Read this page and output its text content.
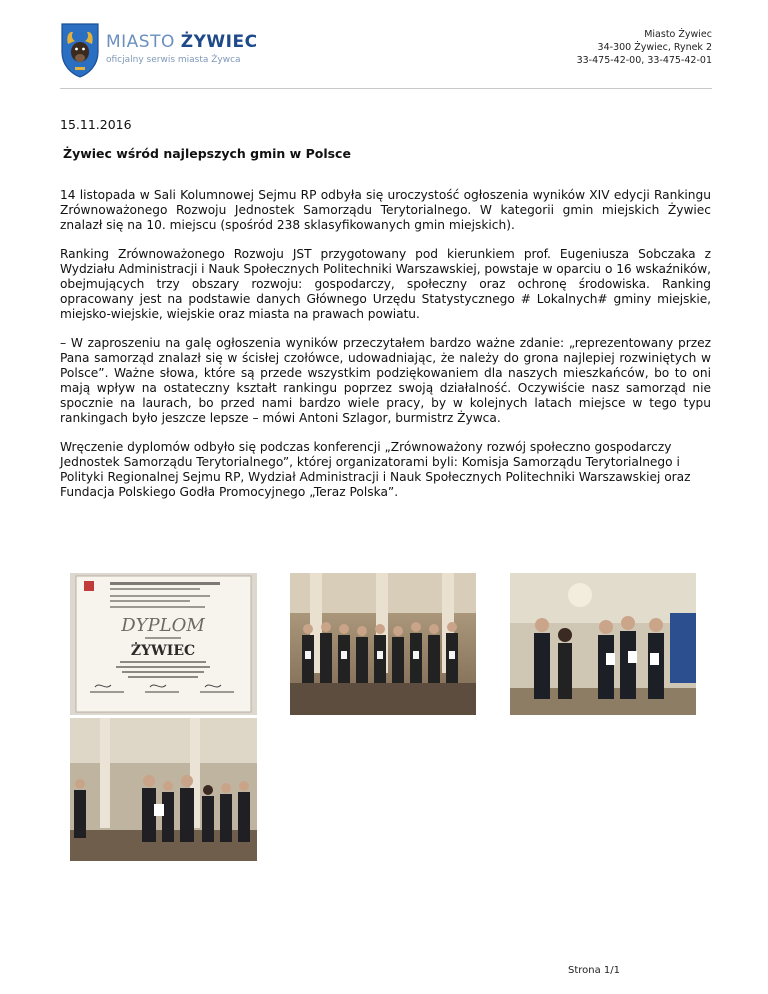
MIASTO ŻYWIEC
oficjalny serwis miasta Żywca
Miasto Żywiec
34-300 Żywiec, Rynek 2
33-475-42-00, 33-475-42-01
15.11.2016
Żywiec wśród najlepszych gmin w Polsce

14 listopada w Sali Kolumnowej Sejmu RP odbyła się uroczystość ogłoszenia wyników XIV edycji Rankingu Zrównoważonego Rozwoju Jednostek Samorządu Terytorialnego. W kategorii gmin miejskich Żywiec znalazł się na 10. miejscu (spośród 238 sklasyfikowanych gmin miejskich).

Ranking Zrównoważonego Rozwoju JST przygotowany pod kierunkiem prof. Eugeniusza Sobczaka z Wydziału Administracji i Nauk Społecznych Politechniki Warszawskiej, powstaje w oparciu o 16 wskaźników, obejmujących trzy obszary rozwoju: gospodarczy, społeczny oraz ochronę środowiska. Ranking opracowany jest na podstawie danych Głównego Urzędu Statystycznego # Lokalnych# gminy miejskie, miejsko-wiejskie, wiejskie oraz miasta na prawach powiatu.

– W zaproszeniu na galę ogłoszenia wyników przeczytałem bardzo ważne zdanie: „reprezentowany przez Pana samorząd znalazł się w ścisłej czołówce, udowadniając, że należy do grona najlepiej rozwiniętych w Polsce”. Ważne słowa, które są przede wszystkim podziękowaniem dla naszych mieszkańców, bo to oni mają wpływ na ostateczny kształt rankingu poprzez swoją działalność. Oczywiście nasz samorząd nie spocznie na laurach, bo przed nami bardzo wiele pracy, by w kolejnych latach miejsce w tego typu rankingach było jeszcze lepsze – mówi Antoni Szlagor, burmistrz Żywca.

Wręczenie dyplomów odbyło się podczas konferencji „Zrównoważony rozwój społeczno gospodarczy Jednostek Samorządu Terytorialnego”, której organizatorami byli: Komisja Samorządu Terytorialnego i Polityki Regionalnej Sejmu RP, Wydział Administracji i Nauk Społecznych Politechniki Warszawskiej oraz Fundacja Polskiego Godła Promocyjnego „Teraz Polska”.

DYPLOM
ŻYWIEC
Strona 1/1
